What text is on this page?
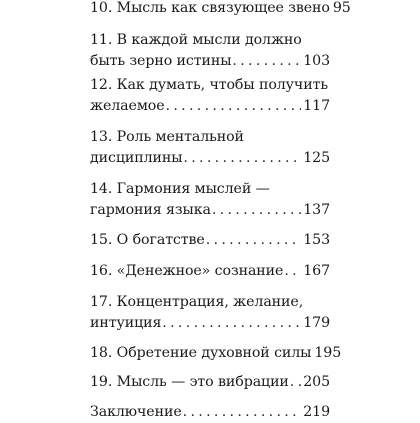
10. Мысль как связующее звено 95
11. В каждой мысли должно
быть зерно истины . . .	103
12. Как думать, чтобы получить
желаемое . . .	117
13. Роль ментальной
дисциплины . . .	125
14. Гармония мыслей —
гармония языка . . .	137
15. О богатстве . . .	153
16. «Денежное» сознание . . . 167
17. Концентрация, желание,
интуиция . . .	179
18. Обретение духовной силы 195
19. Мысль — это вибрации . . . 205
Заключение . . .	219
